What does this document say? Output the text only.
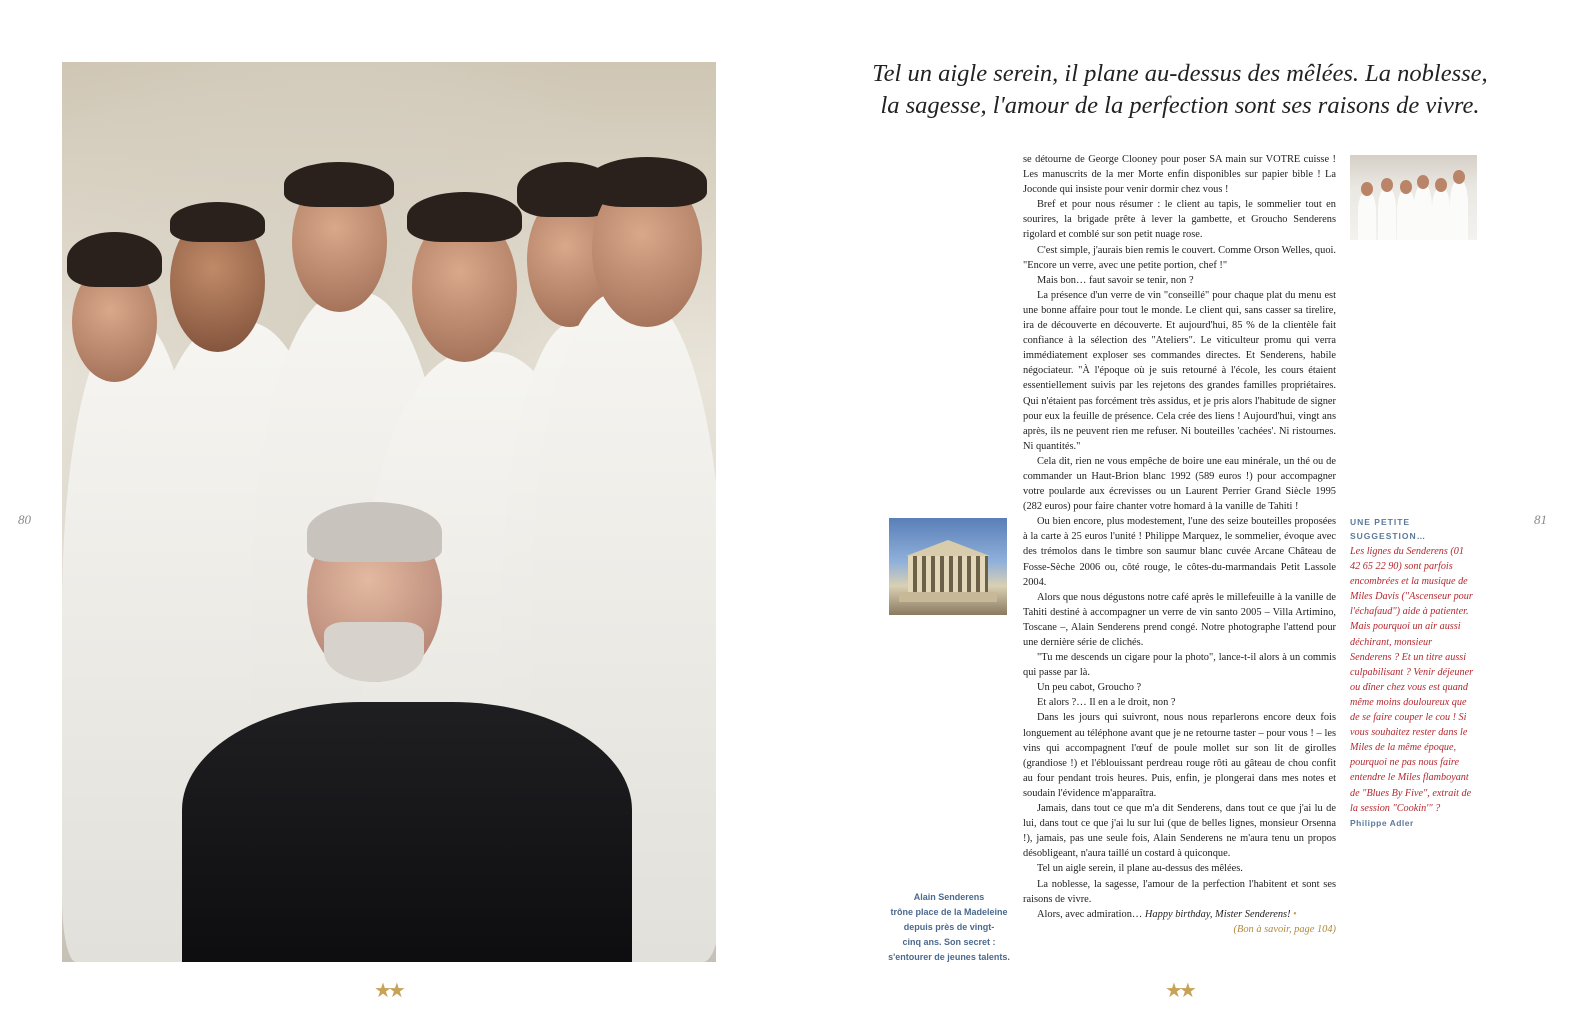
80
★★
Tel un aigle serein, il plane au-dessus des mêlées. La noblesse,
la sagesse, l'amour de la perfection sont ses raisons de vivre.
Alain Senderens
trône place de la Madeleine
depuis près de vingt-
cinq ans. Son secret :
s'entourer de jeunes talents.

se détourne de George Clooney pour poser SA main sur VOTRE cuisse ! Les manuscrits de la mer Morte enfin disponibles sur papier bible ! La Joconde qui insiste pour venir dormir chez vous !

Bref et pour nous résumer : le client au tapis, le sommelier tout en sourires, la brigade prête à lever la gambette, et Groucho Senderens rigolard et comblé sur son petit nuage rose.

C'est simple, j'aurais bien remis le couvert. Comme Orson Welles, quoi. "Encore un verre, avec une petite portion, chef !"

Mais bon… faut savoir se tenir, non ?

La présence d'un verre de vin "conseillé" pour chaque plat du menu est une bonne affaire pour tout le monde. Le client qui, sans casser sa tirelire, ira de découverte en découverte. Et aujourd'hui, 85 % de la clientèle fait confiance à la sélection des "Ateliers". Le viticulteur promu qui verra immédiatement exploser ses commandes directes. Et Senderens, habile négociateur. "À l'époque où je suis retourné à l'école, les cours étaient essentiellement suivis par les rejetons des grandes familles propriétaires. Qui n'étaient pas forcément très assidus, et je pris alors l'habitude de signer pour eux la feuille de présence. Cela crée des liens ! Aujourd'hui, vingt ans après, ils ne peuvent rien me refuser. Ni bouteilles 'cachées'. Ni ristournes. Ni quantités."

Cela dit, rien ne vous empêche de boire une eau minérale, un thé ou de commander un Haut-Brion blanc 1992 (589 euros !) pour accompagner votre poularde aux écrevisses ou un Laurent Perrier Grand Siècle 1995 (282 euros) pour faire chanter votre homard à la vanille de Tahiti !

Ou bien encore, plus modestement, l'une des seize bouteilles proposées à la carte à 25 euros l'unité ! Philippe Marquez, le sommelier, évoque avec des trémolos dans le timbre son saumur blanc cuvée Arcane Château de Fosse-Sèche 2006 ou, côté rouge, le côtes-du-marmandais Petit Lassole 2004.

Alors que nous dégustons notre café après le millefeuille à la vanille de Tahiti destiné à accompagner un verre de vin santo 2005 – Villa Artimino, Toscane –, Alain Senderens prend congé. Notre photographe l'attend pour une dernière série de clichés.

"Tu me descends un cigare pour la photo", lance-t-il alors à un commis qui passe par là.

Un peu cabot, Groucho ?

Et alors ?… Il en a le droit, non ?

Dans les jours qui suivront, nous nous reparlerons encore deux fois longuement au téléphone avant que je ne retourne taster – pour vous ! – les vins qui accompagnent l'œuf de poule mollet sur son lit de girolles (grandiose !) et l'éblouissant perdreau rouge rôti au gâteau de chou confit au four pendant trois heures. Puis, enfin, je plongerai dans mes notes et soudain l'évidence m'apparaîtra.

Jamais, dans tout ce que m'a dit Senderens, dans tout ce que j'ai lu de lui, dans tout ce que j'ai lu sur lui (que de belles lignes, monsieur Orsenna !), jamais, pas une seule fois, Alain Senderens ne m'aura tenu un propos désobligeant, n'aura taillé un costard à quiconque.

Tel un aigle serein, il plane au-dessus des mêlées.

La noblesse, la sagesse, l'amour de la perfection l'habitent et sont ses raisons de vivre.

Alors, avec admiration… Happy birthday, Mister Senderens! •

(Bon à savoir, page 104)

UNE PETITE SUGGESTION…
Les lignes du Senderens (01 42 65 22 90) sont parfois encombrées et la musique de Miles Davis ("Ascenseur pour l'échafaud") aide à patienter. Mais pourquoi un air aussi déchirant, monsieur Senderens ? Et un titre aussi culpabilisant ? Venir déjeuner ou dîner chez vous est quand même moins douloureux que de se faire couper le cou ! Si vous souhaitez rester dans le Miles de la même époque, pourquoi ne pas nous faire entendre le Miles flamboyant de "Blues By Five", extrait de la session "Cookin'" ?
Philippe Adler
81
★★
